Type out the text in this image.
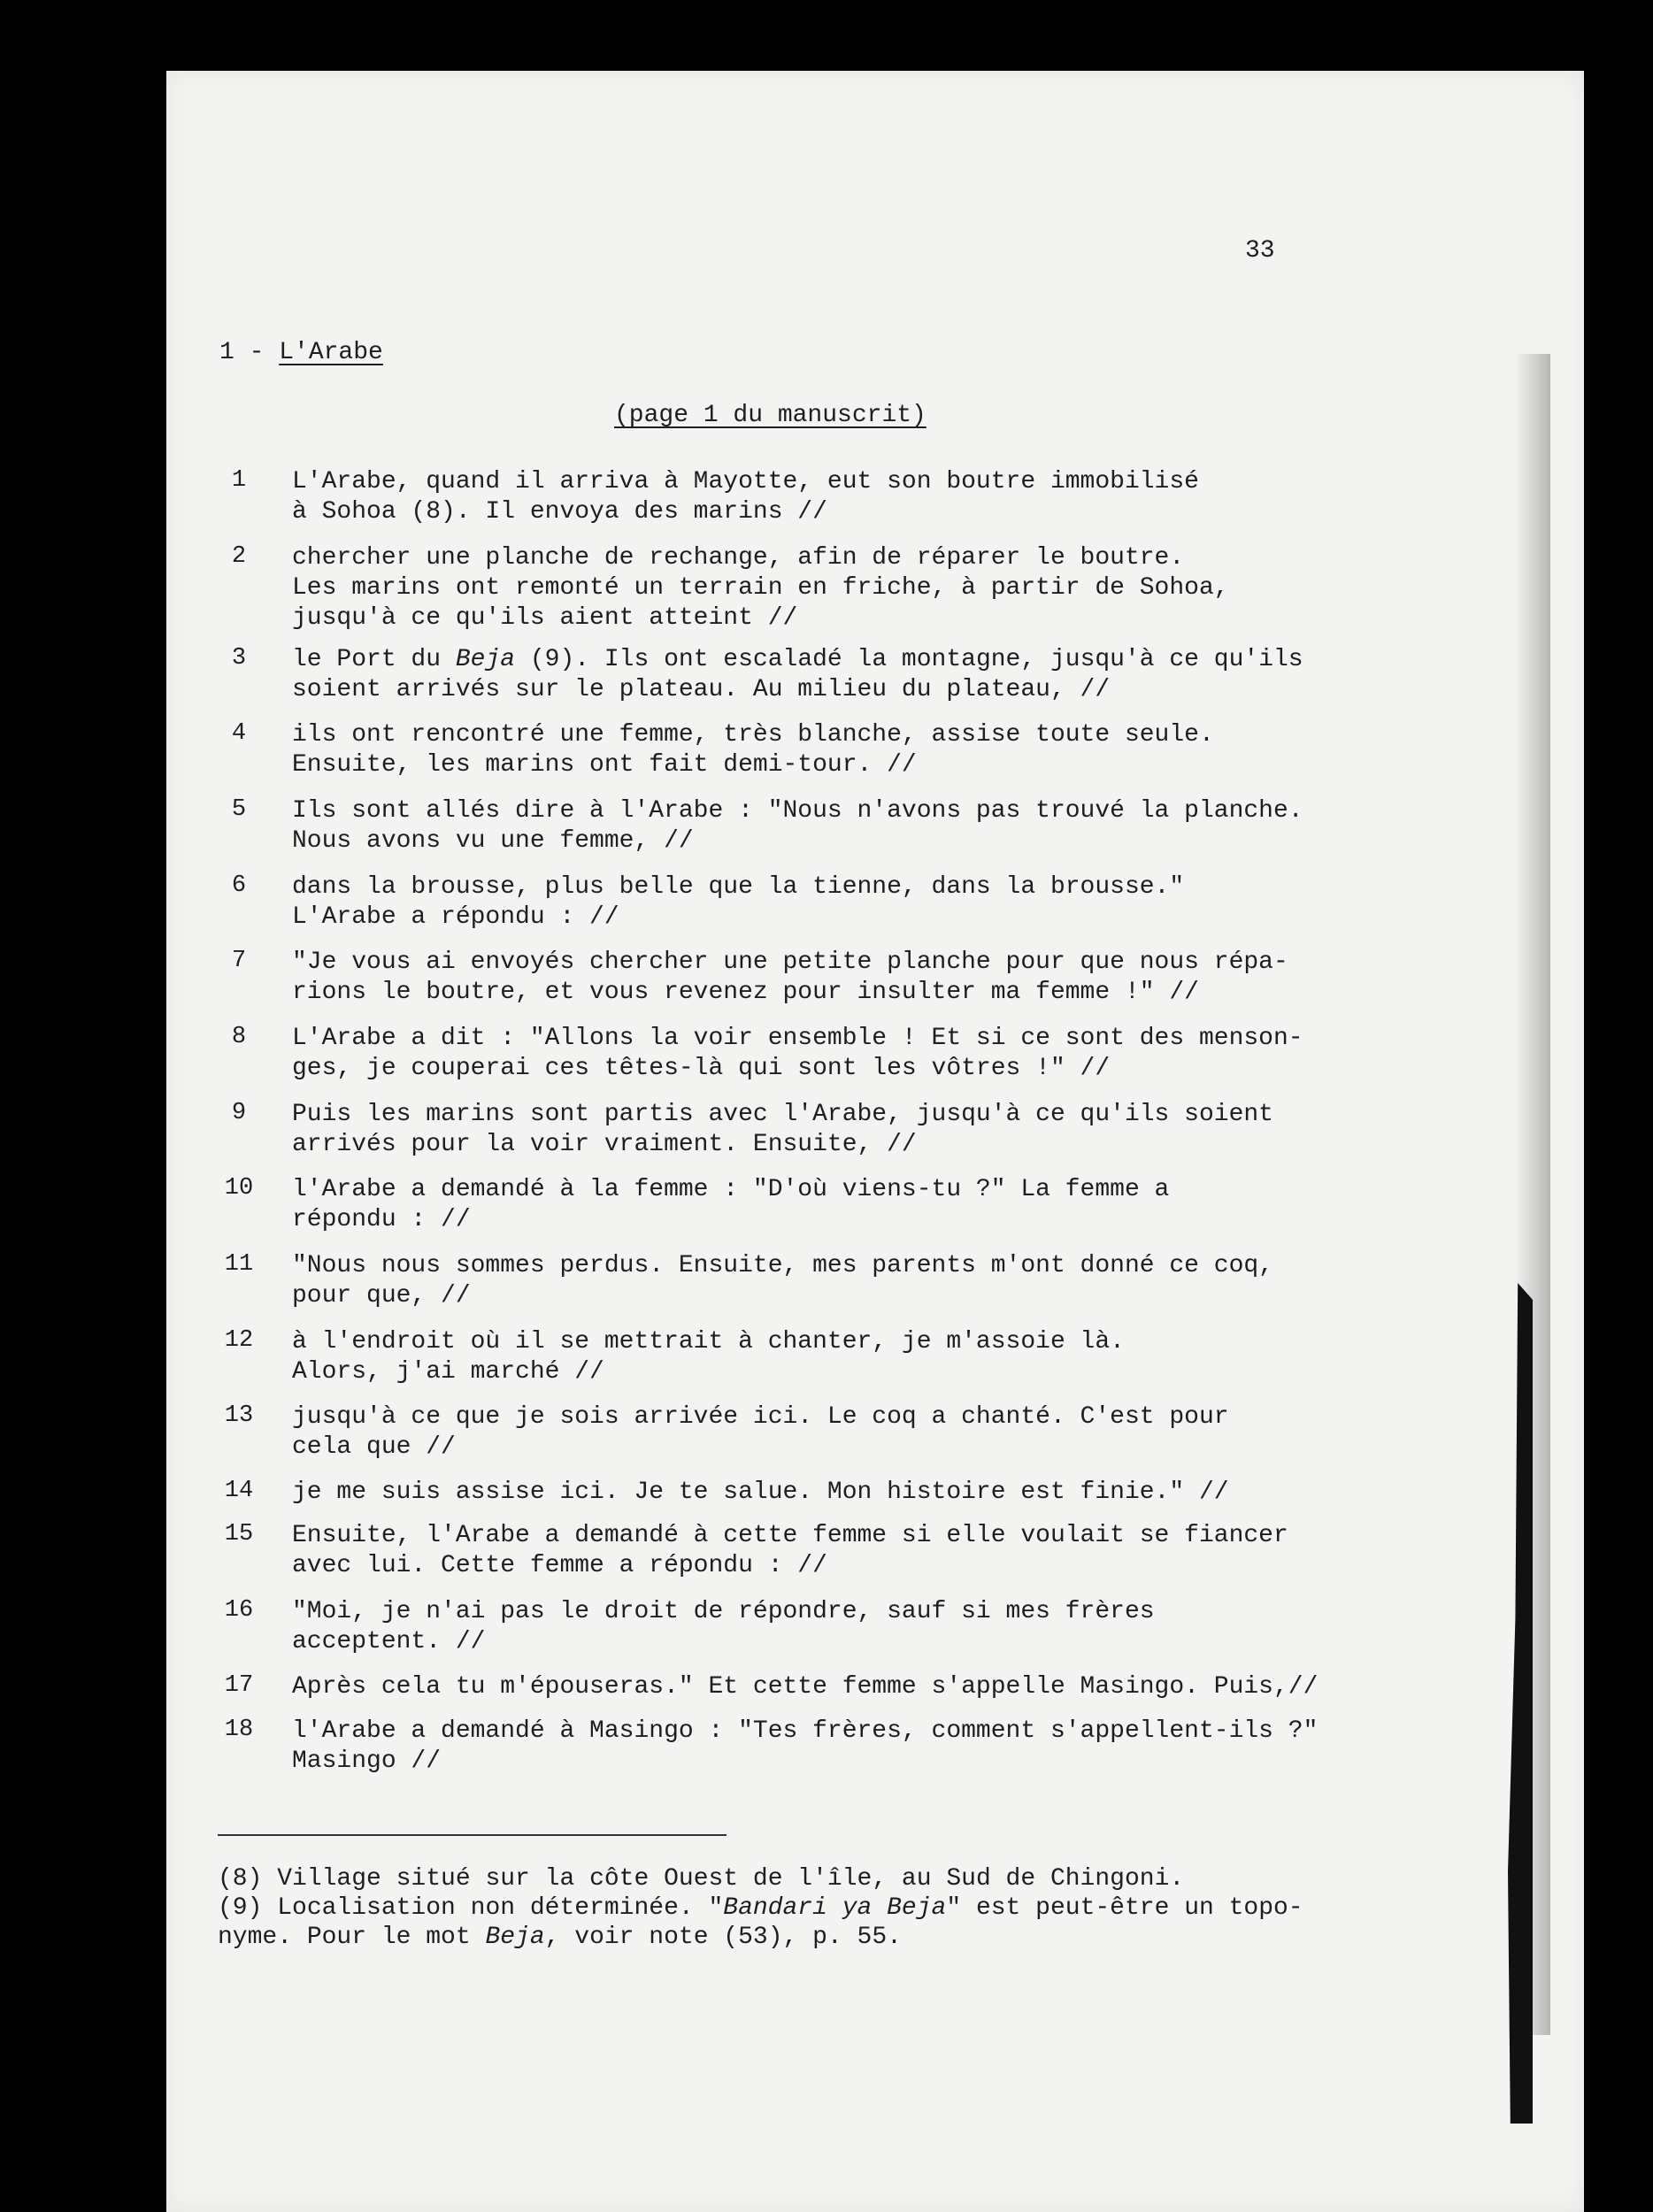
33
1 - L'Arabe
(page 1 du manuscrit)
1	L'Arabe, quand il arriva à Mayotte, eut son boutre immobilisé
à Sohoa (8). Il envoya des marins //
2	chercher une planche de rechange, afin de réparer le boutre.
Les marins ont remonté un terrain en friche, à partir de Sohoa,
jusqu'à ce qu'ils aient atteint //
3	le Port du Beja (9). Ils ont escaladé la montagne, jusqu'à ce qu'ils
soient arrivés sur le plateau. Au milieu du plateau, //
4	ils ont rencontré une femme, très blanche, assise toute seule.
Ensuite, les marins ont fait demi-tour. //
5	Ils sont allés dire à l'Arabe : "Nous n'avons pas trouvé la planche.
Nous avons vu une femme, //
6	dans la brousse, plus belle que la tienne, dans la brousse."
L'Arabe a répondu : //
7	"Je vous ai envoyés chercher une petite planche pour que nous répa-
rions le boutre, et vous revenez pour insulter ma femme !" //
8	L'Arabe a dit : "Allons la voir ensemble ! Et si ce sont des menson-
ges, je couperai ces têtes-là qui sont les vôtres !" //
9	Puis les marins sont partis avec l'Arabe, jusqu'à ce qu'ils soient
arrivés pour la voir vraiment. Ensuite, //
10	l'Arabe a demandé à la femme : "D'où viens-tu ?" La femme a
répondu : //
11	"Nous nous sommes perdus. Ensuite, mes parents m'ont donné ce coq,
pour que, //
12	à l'endroit où il se mettrait à chanter, je m'assoie là.
Alors, j'ai marché //
13	jusqu'à ce que je sois arrivée ici. Le coq a chanté. C'est pour
cela que //
14	je me suis assise ici. Je te salue. Mon histoire est finie." //
15	Ensuite, l'Arabe a demandé à cette femme si elle voulait se fiancer
avec lui. Cette femme a répondu : //
16	"Moi, je n'ai pas le droit de répondre, sauf si mes frères
acceptent. //
17	Après cela tu m'épouseras." Et cette femme s'appelle Masingo. Puis,//
18	l'Arabe a demandé à Masingo : "Tes frères, comment s'appellent-ils ?"
Masingo //
(8) Village situé sur la côte Ouest de l'île, au Sud de Chingoni.
(9) Localisation non déterminée. "Bandari ya Beja" est peut-être un topo-
nyme. Pour le mot Beja, voir note (53), p. 55.
